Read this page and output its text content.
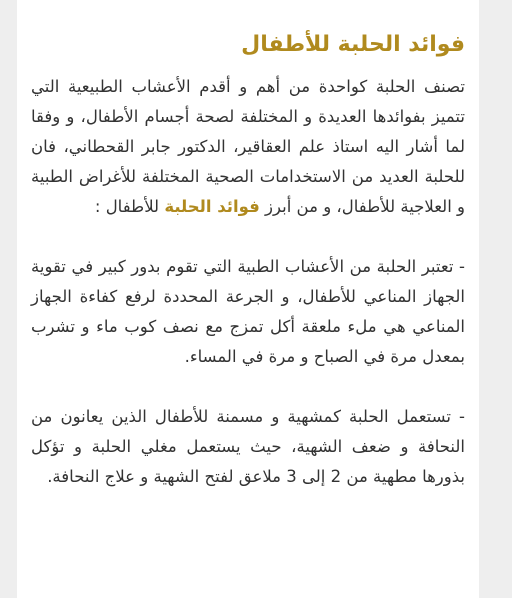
فوائد الحلبة للأطفال

تصنف الحلبة كواحدة من أهم و أقدم الأعشاب الطبيعية التي تتميز بفوائدها العديدة و المختلفة لصحة أجسام الأطفال، و وفقا لما أشار اليه استاذ علم العقاقير، الدكتور جابر القحطاني، فان للحلبة العديد من الاستخدامات الصحية المختلفة للأغراض الطبية و العلاجية للأطفال، و من أبرز فوائد الحلبة للأطفال :

- تعتبر الحلبة من الأعشاب الطبية التي تقوم بدور كبير في تقوية الجهاز المناعي للأطفال، و الجرعة المحددة لرفع كفاءة الجهاز المناعي هي ملء ملعقة أكل تمزج مع نصف كوب ماء و تشرب بمعدل مرة في الصباح و مرة في المساء.

- تستعمل الحلبة كمشهية و مسمنة للأطفال الذين يعانون من النحافة و ضعف الشهية، حيث يستعمل مغلي الحلبة و تؤكل بذورها مطهية من 2 إلى 3 ملاعق لفتح الشهية و علاج النحافة.
